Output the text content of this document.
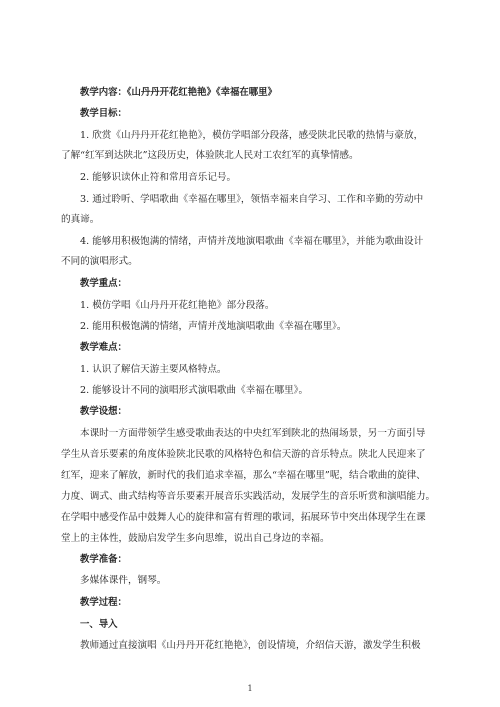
教学内容：《山丹丹开花红艳艳》《幸福在哪里》
教学目标：
1. 欣赏《山丹丹开花红艳艳》，模仿学唱部分段落，感受陕北民歌的热情与豪放，
了解“红军到达陕北”这段历史，体验陕北人民对工农红军的真挚情感。
2. 能够识读休止符和常用音乐记号。
3. 通过聆听、学唱歌曲《幸福在哪里》，领悟幸福来自学习、工作和辛勤的劳动中
的真谛。
4. 能够用积极饱满的情绪，声情并茂地演唱歌曲《幸福在哪里》，并能为歌曲设计
不同的演唱形式。
教学重点：
1. 模仿学唱《山丹丹开花红艳艳》部分段落。
2. 能用积极饱满的情绪，声情并茂地演唱歌曲《幸福在哪里》。
教学难点：
1. 认识了解信天游主要风格特点。
2. 能够设计不同的演唱形式演唱歌曲《幸福在哪里》。
教学设想：
本课时一方面带领学生感受歌曲表达的中央红军到陕北的热闹场景，另一方面引导
学生从音乐要素的角度体验陕北民歌的风格特色和信天游的音乐特点。陕北人民迎来了
红军，迎来了解放，新时代的我们追求幸福，那么“幸福在哪里”呢，结合歌曲的旋律、
力度、调式、曲式结构等音乐要素开展音乐实践活动，发展学生的音乐听赏和演唱能力。
在学唱中感受作品中鼓舞人心的旋律和富有哲理的歌词，拓展环节中突出体现学生在课
堂上的主体性，鼓励启发学生多向思维，说出自己身边的幸福。
教学准备：
多媒体课件，钢琴。
教学过程：
一、导入
教师通过直接演唱《山丹丹开花红艳艳》，创设情境，介绍信天游，激发学生积极
1
